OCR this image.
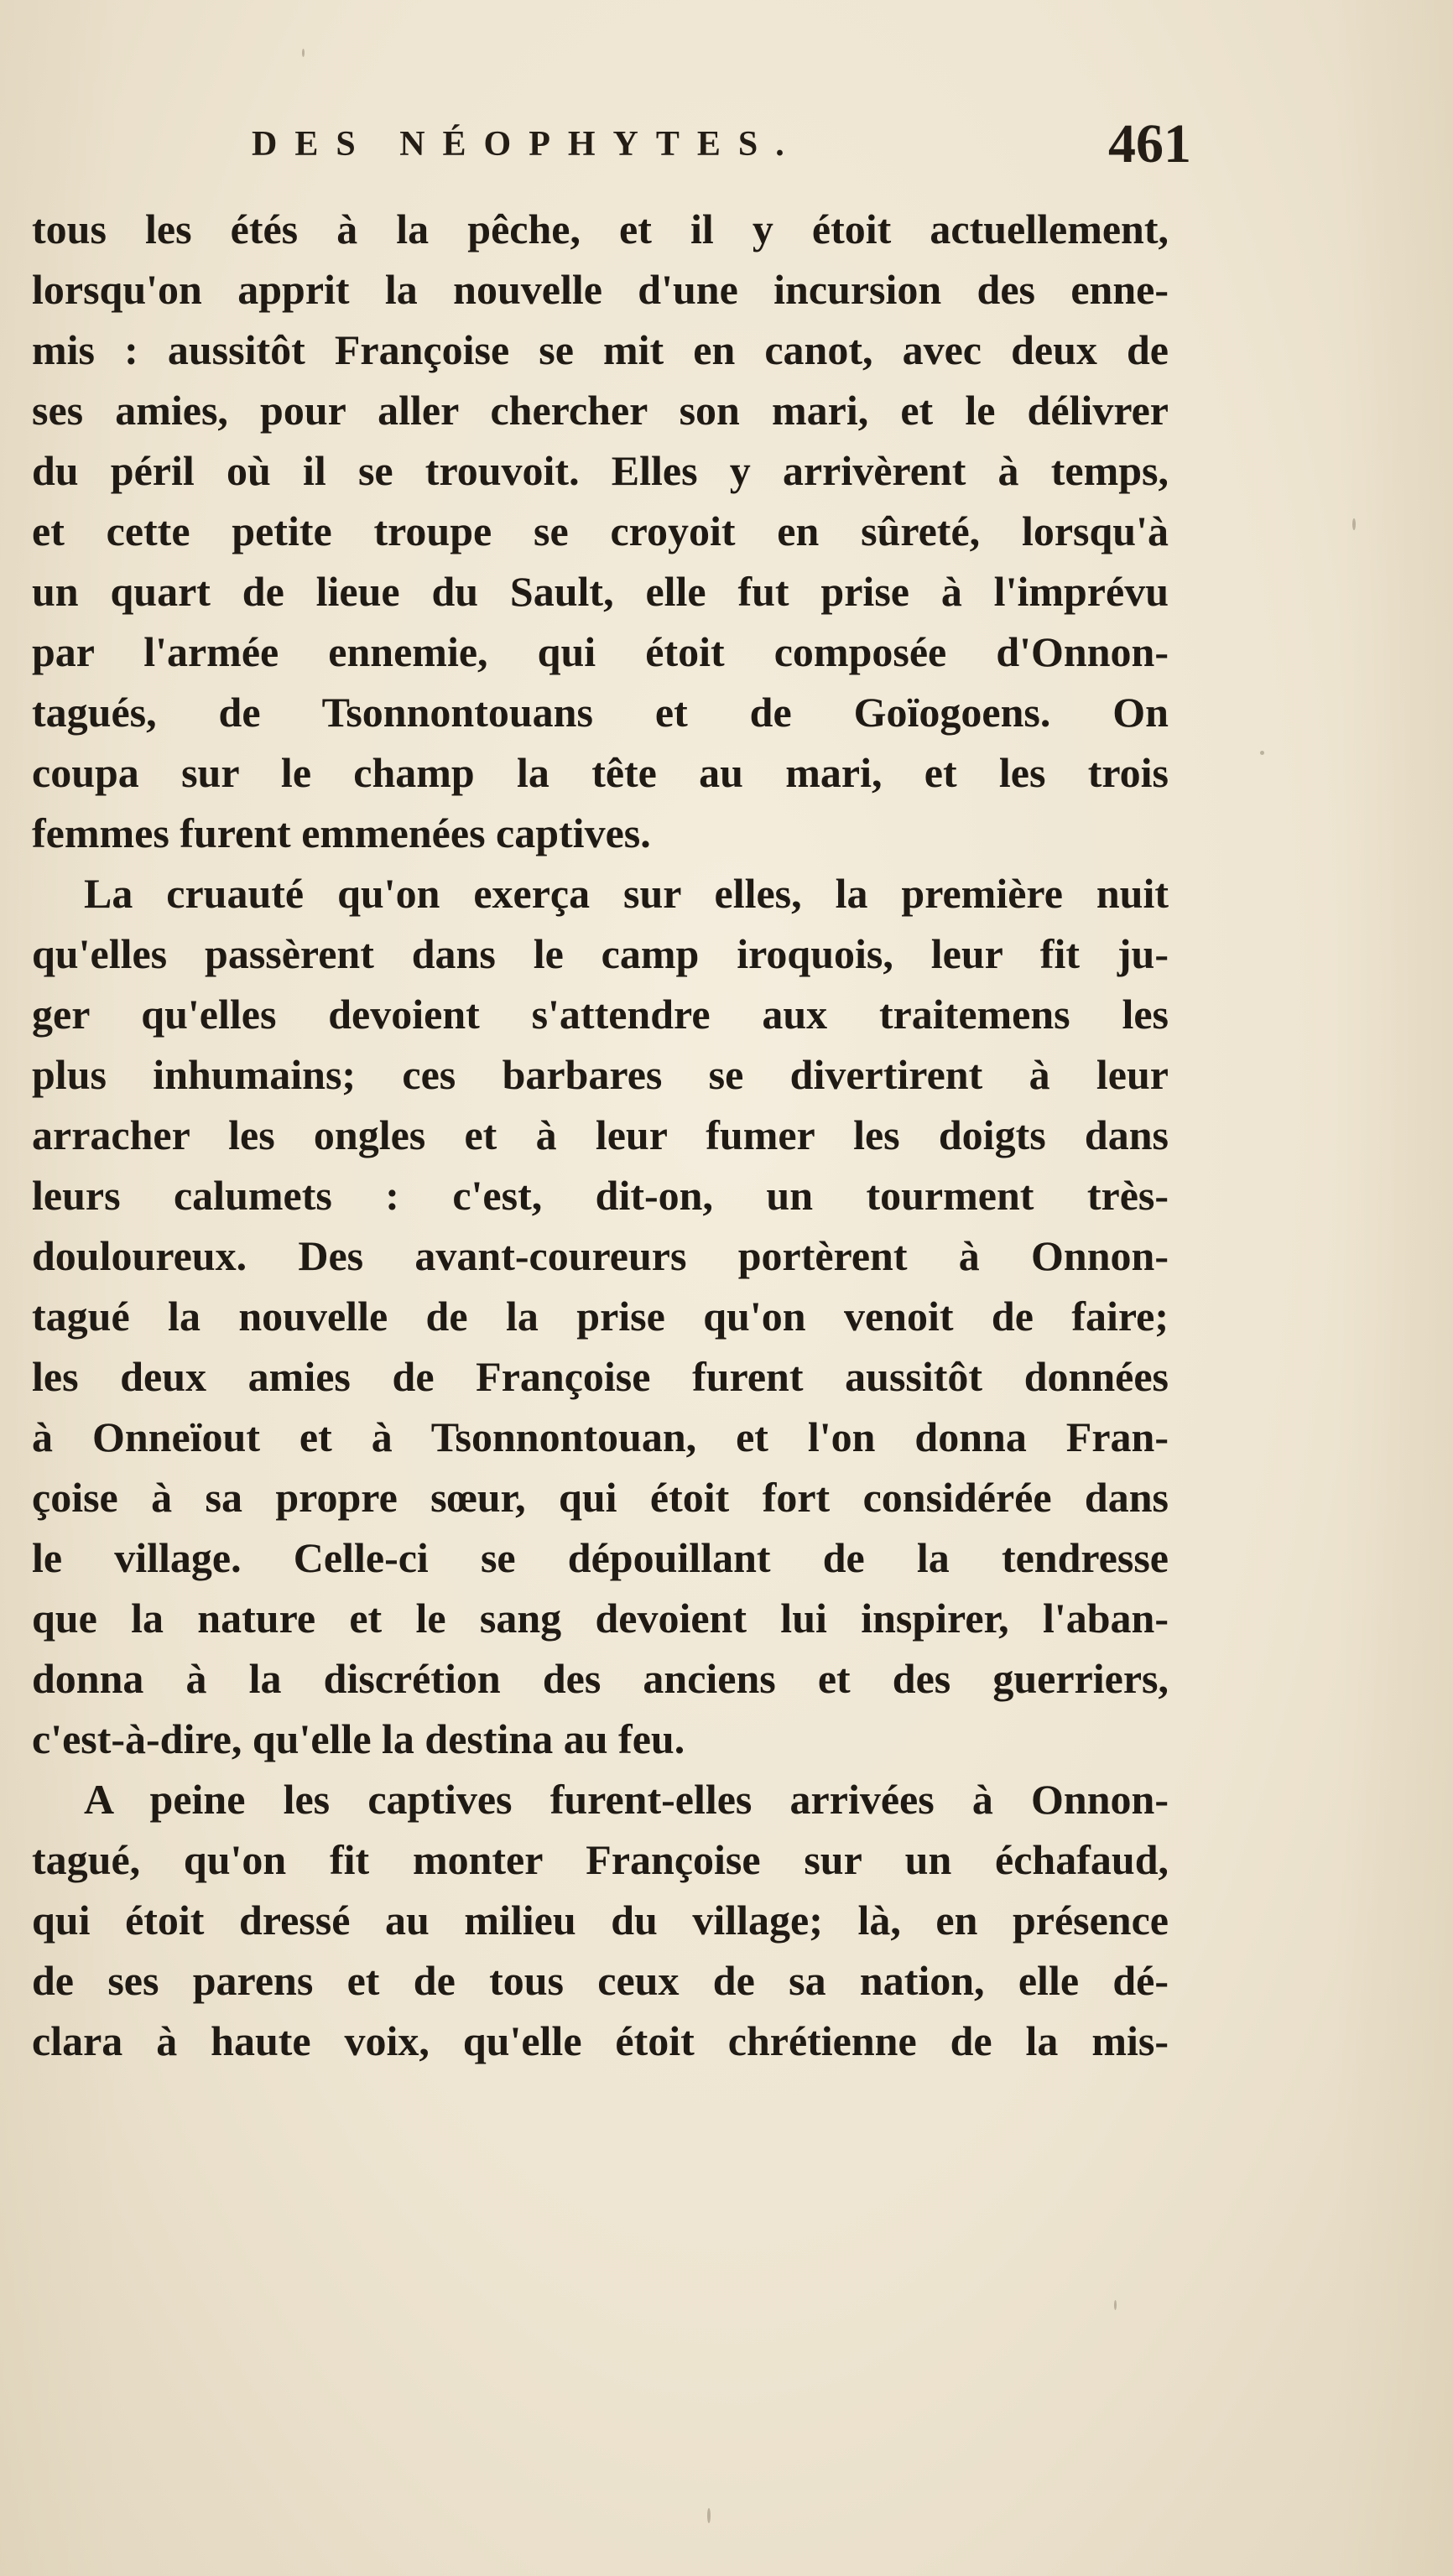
DES NÉOPHYTES.	461
tous les étés à la pêche, et il y étoit actuellement,
lorsqu'on apprit la nouvelle d'une incursion des enne-
mis : aussitôt Françoise se mit en canot, avec deux de
ses amies, pour aller chercher son mari, et le délivrer
du péril où il se trouvoit. Elles y arrivèrent à temps,
et cette petite troupe se croyoit en sûreté, lorsqu'à
un quart de lieue du Sault, elle fut prise à l'imprévu
par l'armée ennemie, qui étoit composée d'Onnon-
tagués, de Tsonnontouans et de Goïogoens. On
coupa sur le champ la tête au mari, et les trois
femmes furent emmenées captives.
La cruauté qu'on exerça sur elles, la première nuit
qu'elles passèrent dans le camp iroquois, leur fit ju-
ger qu'elles devoient s'attendre aux traitemens les
plus inhumains; ces barbares se divertirent à leur
arracher les ongles et à leur fumer les doigts dans
leurs calumets : c'est, dit-on, un tourment très-
douloureux. Des avant-coureurs portèrent à Onnon-
tagué la nouvelle de la prise qu'on venoit de faire;
les deux amies de Françoise furent aussitôt données
à Onneïout et à Tsonnontouan, et l'on donna Fran-
çoise à sa propre sœur, qui étoit fort considérée dans
le village. Celle-ci se dépouillant de la tendresse
que la nature et le sang devoient lui inspirer, l'aban-
donna à la discrétion des anciens et des guerriers,
c'est-à-dire, qu'elle la destina au feu.
A peine les captives furent-elles arrivées à Onnon-
tagué, qu'on fit monter Françoise sur un échafaud,
qui étoit dressé au milieu du village; là, en présence
de ses parens et de tous ceux de sa nation, elle dé-
clara à haute voix, qu'elle étoit chrétienne de la mis-
